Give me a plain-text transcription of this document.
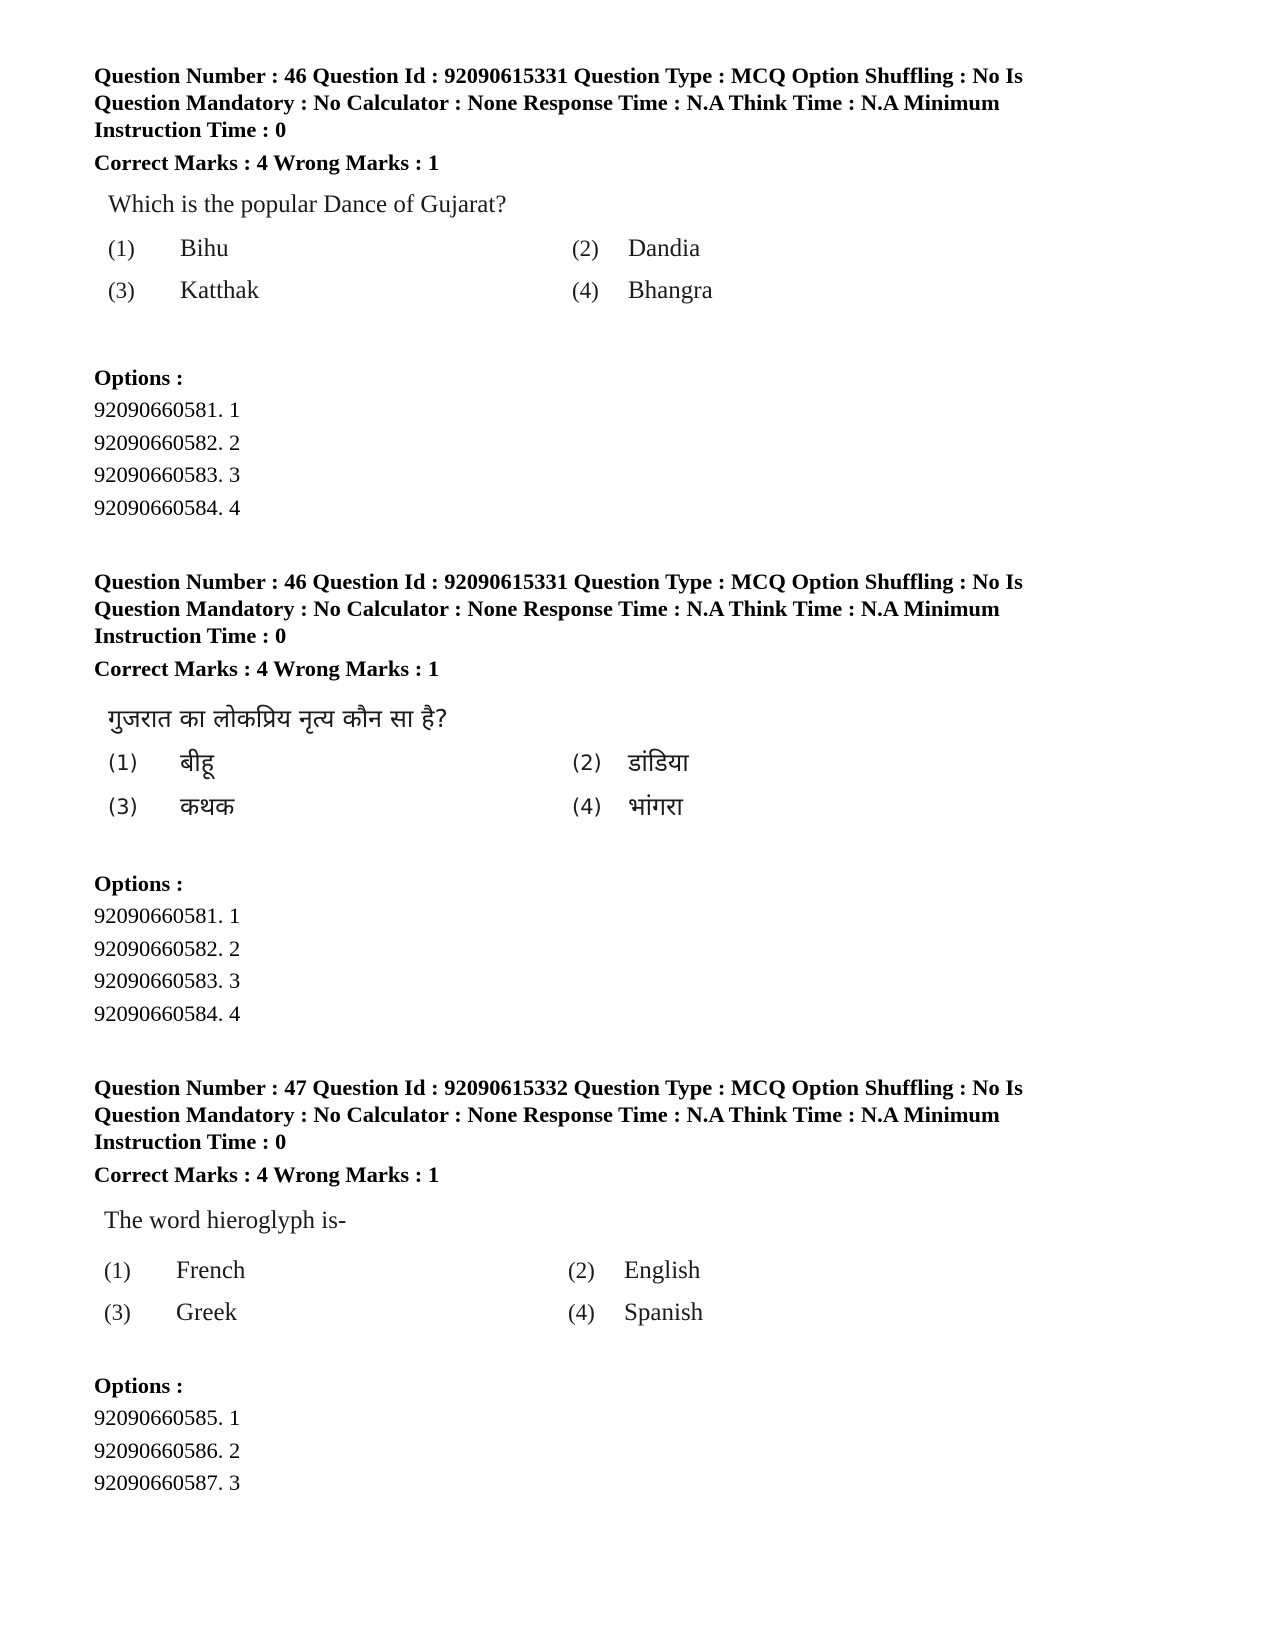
Question Number : 46 Question Id : 92090615331 Question Type : MCQ Option Shuffling : No Is

Question Mandatory : No Calculator : None Response Time : N.A Think Time : N.A Minimum

Instruction Time : 0

Correct Marks : 4 Wrong Marks : 1

Which is the popular Dance of Gujarat?

(1)	Bihu	(2)	Dandia
(3)	Katthak	(4)	Bhangra

Options :

92090660581. 1

92090660582. 2

92090660583. 3

92090660584. 4

Question Number : 46 Question Id : 92090615331 Question Type : MCQ Option Shuffling : No Is

Question Mandatory : No Calculator : None Response Time : N.A Think Time : N.A Minimum

Instruction Time : 0

Correct Marks : 4 Wrong Marks : 1

गुजरात का लोकप्रिय नृत्य कौन सा है?

(1)	बीहू	(2)	डांडिया
(3)	कथक	(4)	भांगरा

Options :

92090660581. 1

92090660582. 2

92090660583. 3

92090660584. 4

Question Number : 47 Question Id : 92090615332 Question Type : MCQ Option Shuffling : No Is

Question Mandatory : No Calculator : None Response Time : N.A Think Time : N.A Minimum

Instruction Time : 0

Correct Marks : 4 Wrong Marks : 1

The word hieroglyph is-

(1)	French	(2)	English
(3)	Greek	(4)	Spanish

Options :

92090660585. 1

92090660586. 2

92090660587. 3
